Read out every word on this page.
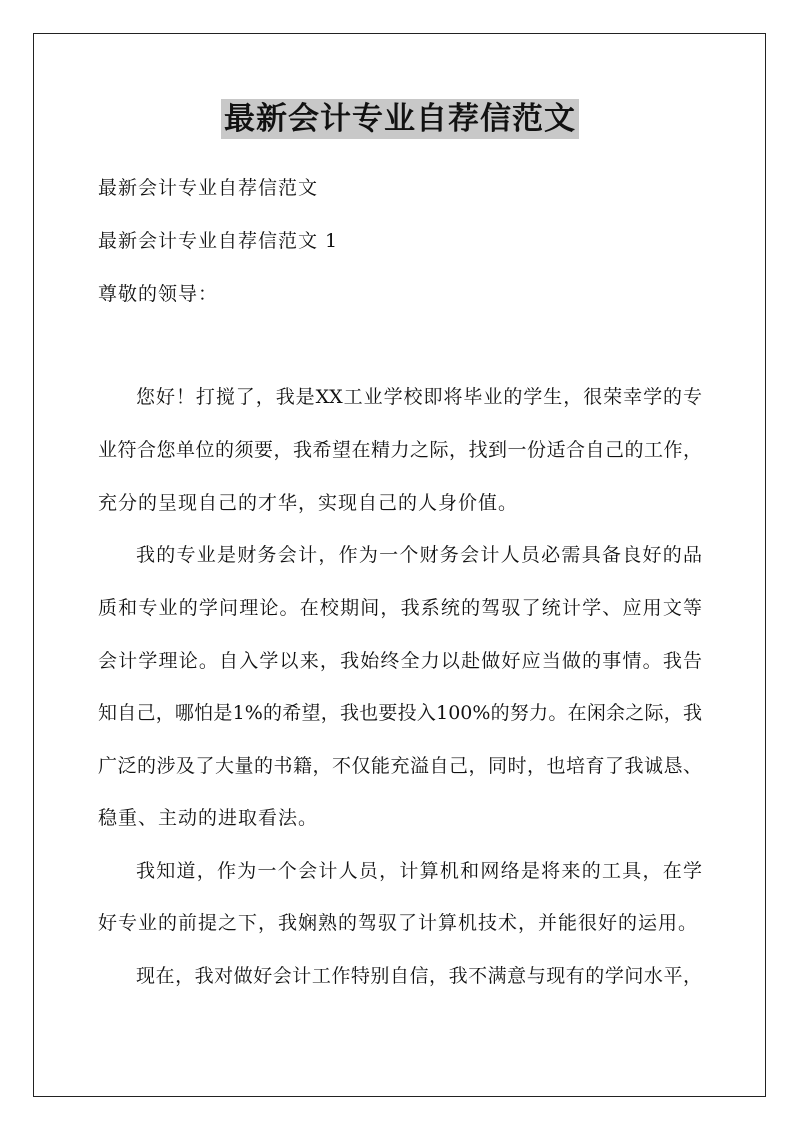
最新会计专业自荐信范文
最新会计专业自荐信范文
最新会计专业自荐信范文 1
尊敬的领导：
您好！打搅了，我是XX工业学校即将毕业的学生，很荣幸学的专
业符合您单位的须要，我希望在精力之际，找到一份适合自己的工作，
充分的呈现自己的才华，实现自己的人身价值。
我的专业是财务会计，作为一个财务会计人员必需具备良好的品
质和专业的学问理论。在校期间，我系统的驾驭了统计学、应用文等
会计学理论。自入学以来，我始终全力以赴做好应当做的事情。我告
知自己，哪怕是1%的希望，我也要投入100%的努力。在闲余之际，我
广泛的涉及了大量的书籍，不仅能充溢自己，同时，也培育了我诚恳、
稳重、主动的进取看法。
我知道，作为一个会计人员，计算机和网络是将来的工具，在学
好专业的前提之下，我娴熟的驾驭了计算机技术，并能很好的运用。
现在，我对做好会计工作特别自信，我不满意与现有的学问水平，
